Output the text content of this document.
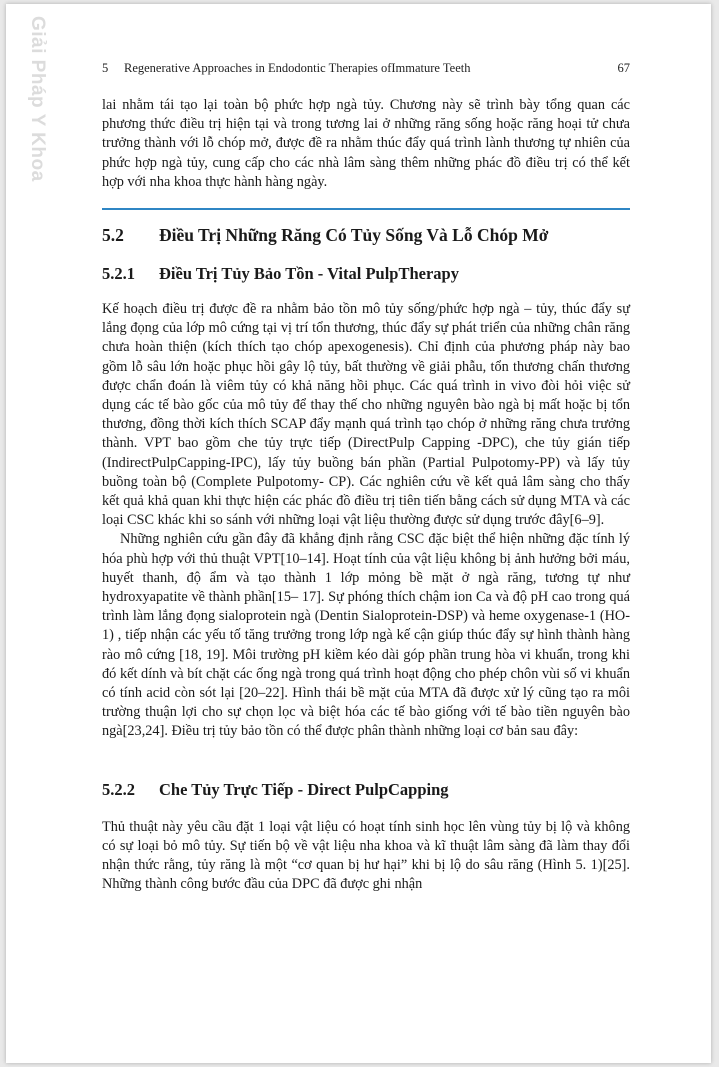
Giải Pháp Y Khoa	5 Regenerative Approaches in Endodontic Therapies ofImmature Teeth	67

lai nhằm tái tạo lại toàn bộ phức hợp ngà tủy. Chương này sẽ trình bày tổng quan các phương thức điều trị hiện tại và trong tương lai ở những răng sống hoặc răng hoại tử chưa trưởng thành với lỗ chóp mở, được đề ra nhằm thúc đẩy quá trình lành thương tự nhiên của phức hợp ngà tủy, cung cấp cho các nhà lâm sàng thêm những phác đồ điều trị có thể kết hợp với nha khoa thực hành hàng ngày.

5.2 Điều Trị Những Răng Có Tủy Sống Và Lỗ Chóp Mở
5.2.1 Điều Trị Tủy Bảo Tồn - Vital PulpTherapy

Kế hoạch điều trị được đề ra nhằm bảo tồn mô tủy sống/phức hợp ngà – tủy, thúc đẩy sự lắng đọng của lớp mô cứng tại vị trí tổn thương, thúc đẩy sự phát triển của những chân răng chưa hoàn thiện (kích thích tạo chóp apexogenesis). Chỉ định của phương pháp này bao gồm lỗ sâu lớn hoặc phục hồi gây lộ tủy, bất thường về giải phẫu, tổn thương chấn thương được chẩn đoán là viêm tủy có khả năng hồi phục. Các quá trình in vivo đòi hỏi việc sử dụng các tế bào gốc của mô tủy để thay thế cho những nguyên bào ngà bị mất hoặc bị tổn thương, đồng thời kích thích SCAP đẩy mạnh quá trình tạo chóp ở những răng chưa trưởng thành. VPT bao gồm che tủy trực tiếp (DirectPulp Capping -DPC), che tủy gián tiếp (IndirectPulpCapping-IPC), lấy tủy buồng bán phần (Partial Pulpotomy-PP) và lấy tủy buồng toàn bộ (Complete Pulpotomy- CP). Các nghiên cứu về kết quả lâm sàng cho thấy kết quả khả quan khi thực hiện các phác đồ điều trị tiên tiến bằng cách sử dụng MTA và các loại CSC khác khi so sánh với những loại vật liệu thường được sử dụng trước đây[6–9].

Những nghiên cứu gần đây đã khẳng định rằng CSC đặc biệt thể hiện những đặc tính lý hóa phù hợp với thủ thuật VPT[10–14]. Hoạt tính của vật liệu không bị ảnh hưởng bởi máu, huyết thanh, độ ẩm và tạo thành 1 lớp mỏng bề mặt ở ngà răng, tương tự như hydroxyapatite về thành phần[15– 17]. Sự phóng thích chậm ion Ca và độ pH cao trong quá trình làm lắng đọng sialoprotein ngà (Dentin Sialoprotein-DSP) và heme oxygenase-1 (HO-1) , tiếp nhận các yếu tố tăng trưởng trong lớp ngà kế cận giúp thúc đẩy sự hình thành hàng rào mô cứng [18, 19]. Môi trường pH kiềm kéo dài góp phần trung hòa vi khuẩn, trong khi đó kết dính và bít chặt các ống ngà trong quá trình hoạt động cho phép chôn vùi số vi khuẩn có tính acid còn sót lại [20–22]. Hình thái bề mặt của MTA đã được xử lý cũng tạo ra môi trường thuận lợi cho sự chọn lọc và biệt hóa các tế bào giống với tế bào tiền nguyên bào ngà[23,24]. Điều trị tủy bảo tồn có thể được phân thành những loại cơ bản sau đây:

5.2.2 Che Tủy Trực Tiếp - Direct PulpCapping

Thủ thuật này yêu cầu đặt 1 loại vật liệu có hoạt tính sinh học lên vùng tủy bị lộ và không có sự loại bỏ mô tủy. Sự tiến bộ về vật liệu nha khoa và kĩ thuật lâm sàng đã làm thay đổi nhận thức rằng, tủy răng là một “cơ quan bị hư hại” khi bị lộ do sâu răng (Hình 5. 1)[25]. Những thành công bước đầu của DPC đã được ghi nhận
